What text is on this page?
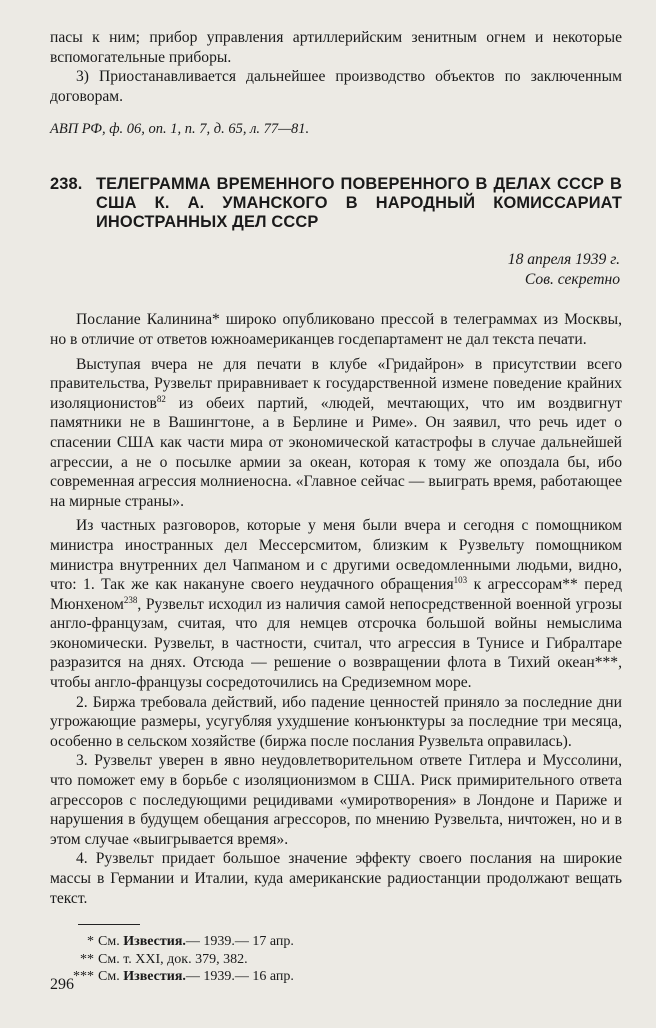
пасы к ним; прибор управления артиллерийским зенитным огнем и некоторые вспомогательные приборы.

3) Приостанавливается дальнейшее производство объектов по заключенным договорам.

АВП РФ, ф. 06, оп. 1, п. 7, д. 65, л. 77—81.

238. ТЕЛЕГРАММА ВРЕМЕННОГО ПОВЕРЕННОГО В ДЕЛАХ СССР В США К. А. УМАНСКОГО В НАРОДНЫЙ КОМИССАРИАТ ИНОСТРАННЫХ ДЕЛ СССР
18 апреля 1939 г.
Сов. секретно

Послание Калинина* широко опубликовано прессой в телеграммах из Москвы, но в отличие от ответов южноамериканцев госдепартамент не дал текста печати.

Выступая вчера не для печати в клубе «Гридайрон» в присутствии всего правительства, Рузвельт приравнивает к государственной измене поведение крайних изоляционистов$^{82}$ из обеих партий, «людей, мечтающих, что им воздвигнут памятники не в Вашингтоне, а в Берлине и Риме». Он заявил, что речь идет о спасении США как части мира от экономической катастрофы в случае дальнейшей агрессии, а не о посылке армии за океан, которая к тому же опоздала бы, ибо современная агрессия молниеносна. «Главное сейчас — выиграть время, работающее на мирные страны».

Из частных разговоров, которые у меня были вчера и сегодня с помощником министра иностранных дел Мессерсмитом, близким к Рузвельту помощником министра внутренних дел Чапманом и с другими осведомленными людьми, видно, что: 1. Так же как накануне своего неудачного обращения$^{103}$ к агрессорам** перед Мюнхеном$^{238}$, Рузвельт исходил из наличия самой непосредственной военной угрозы англо-французам, считая, что для немцев отсрочка большой войны немыслима экономически. Рузвельт, в частности, считал, что агрессия в Тунисе и Гибралтаре разразится на днях. Отсюда — решение о возвращении флота в Тихий океан***, чтобы англо-французы сосредоточились на Средиземном море.

2. Биржа требовала действий, ибо падение ценностей приняло за последние дни угрожающие размеры, усугубляя ухудшение конъюнктуры за последние три месяца, особенно в сельском хозяйстве (биржа после послания Рузвельта оправилась).

3. Рузвельт уверен в явно неудовлетворительном ответе Гитлера и Муссолини, что поможет ему в борьбе с изоляционизмом в США. Риск примирительного ответа агрессоров с последующими рецидивами «умиротворения» в Лондоне и Париже и нарушения в будущем обещания агрессоров, по мнению Рузвельта, ничтожен, но и в этом случае «выигрывается время».

4. Рузвельт придает большое значение эффекту своего послания на широкие массы в Германии и Италии, куда американские радиостанции продолжают вещать текст.

* См. Известия.— 1939.— 17 апр.
** См. т. XXI, док. 379, 382.
*** См. Известия.— 1939.— 16 апр.
296
